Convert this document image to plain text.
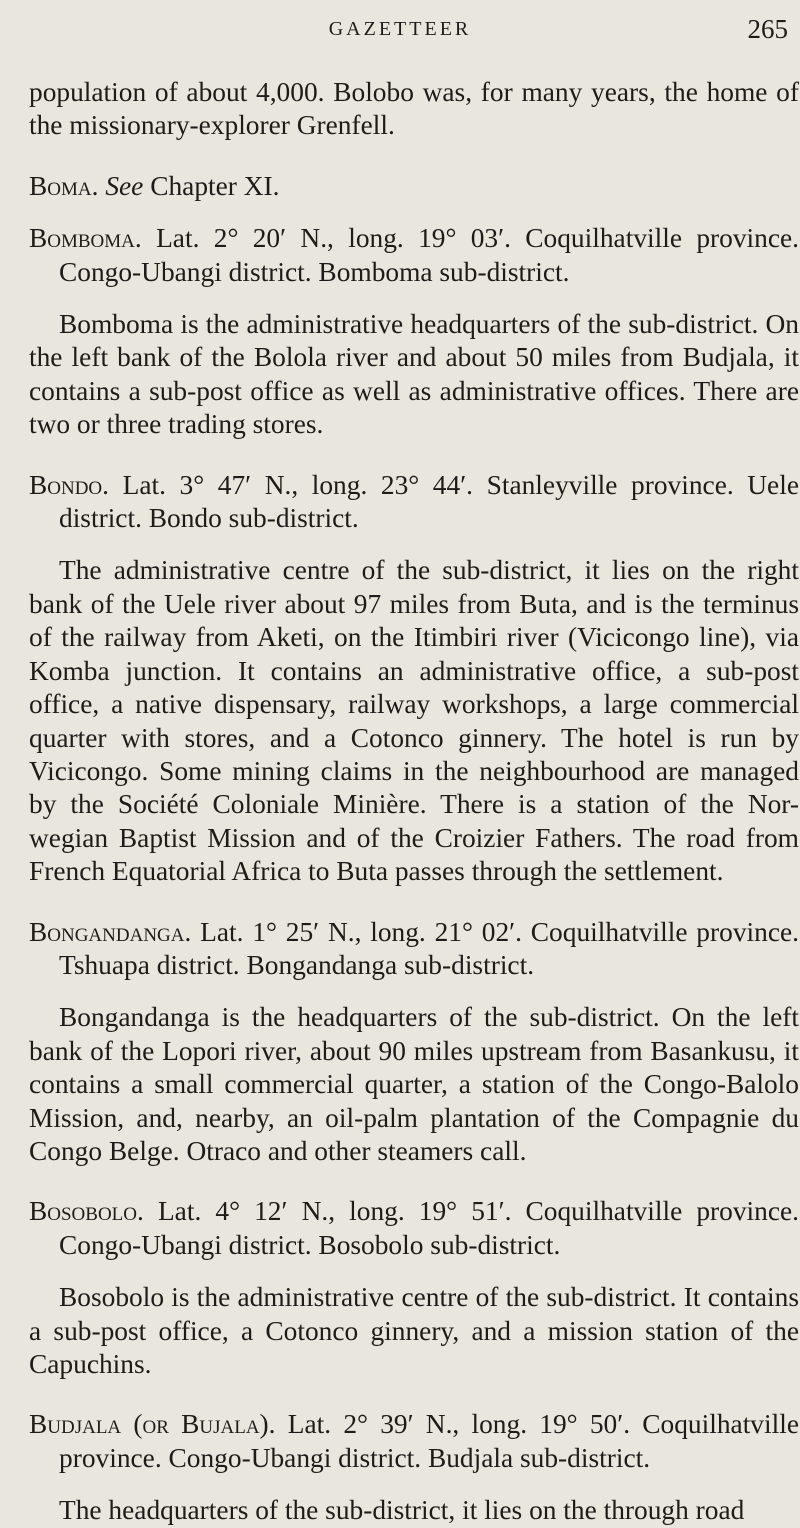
GAZETTEER	265

population of about 4,000. Bolobo was, for many years, the home of the missionary-explorer Grenfell.

Boma. See Chapter XI.

Bomboma. Lat. 2° 20′ N., long. 19° 03′. Coquilhatville province. Congo-Ubangi district. Bomboma sub-district.

Bomboma is the administrative headquarters of the sub-district. On the left bank of the Bolola river and about 50 miles from Budjala, it contains a sub-post office as well as administrative offices. There are two or three trading stores.

Bondo. Lat. 3° 47′ N., long. 23° 44′. Stanleyville province. Uele district. Bondo sub-district.

The administrative centre of the sub-district, it lies on the right bank of the Uele river about 97 miles from Buta, and is the terminus of the railway from Aketi, on the Itimbiri river (Vicicongo line), via Komba junction. It contains an administrative office, a sub-post office, a native dispensary, railway workshops, a large commercial quarter with stores, and a Cotonco ginnery. The hotel is run by Vicicongo. Some mining claims in the neighbourhood are managed by the Société Coloniale Minière. There is a station of the Nor-wegian Baptist Mission and of the Croizier Fathers. The road from French Equatorial Africa to Buta passes through the settlement.

Bongandanga. Lat. 1° 25′ N., long. 21° 02′. Coquilhatville province. Tshuapa district. Bongandanga sub-district.

Bongandanga is the headquarters of the sub-district. On the left bank of the Lopori river, about 90 miles upstream from Basankusu, it contains a small commercial quarter, a station of the Congo-Balolo Mission, and, nearby, an oil-palm plantation of the Compagnie du Congo Belge. Otraco and other steamers call.

Bosobolo. Lat. 4° 12′ N., long. 19° 51′. Coquilhatville province. Congo-Ubangi district. Bosobolo sub-district.

Bosobolo is the administrative centre of the sub-district. It contains a sub-post office, a Cotonco ginnery, and a mission station of the Capuchins.

Budjala (or Bujala). Lat. 2° 39′ N., long. 19° 50′. Coquilhatville province. Congo-Ubangi district. Budjala sub-district.

The headquarters of the sub-district, it lies on the through road
